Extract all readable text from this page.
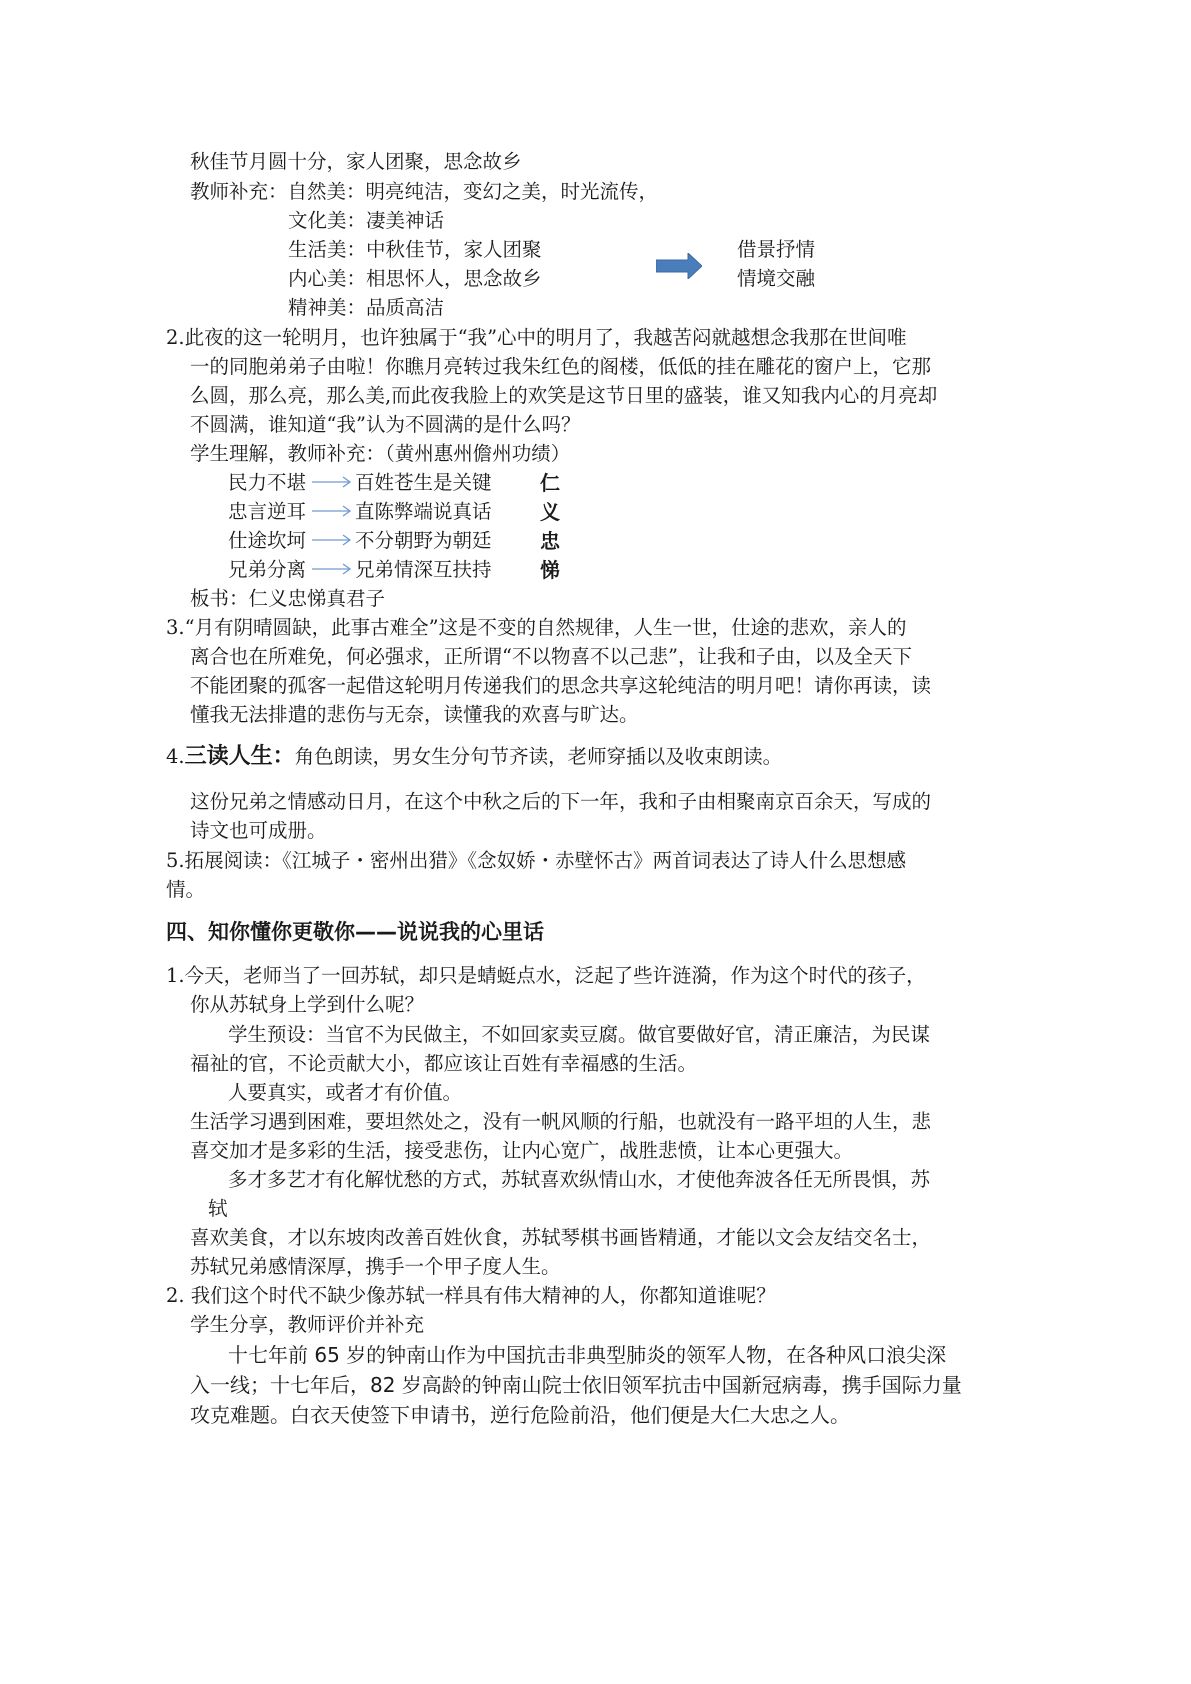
秋佳节月圆十分，家人团聚，思念故乡
教师补充：自然美：明亮纯洁，变幻之美，时光流传，
文化美：凄美神话
生活美：中秋佳节，家人团聚
内心美：相思怀人，思念故乡
精神美：品质高洁
借景抒情
情境交融
2.此夜的这一轮明月，也许独属于“我”心中的明月了，我越苦闷就越想念我那在世间唯
一的同胞弟弟子由啦！你瞧月亮转过我朱红色的阁楼，低低的挂在雕花的窗户上，它那
么圆，那么亮，那么美,而此夜我脸上的欢笑是这节日里的盛装，谁又知我内心的月亮却
不圆满，谁知道“我”认为不圆满的是什么吗？
学生理解，教师补充：（黄州惠州儋州功绩）
民力不堪	百姓苍生是关键 仁
忠言逆耳	直陈弊端说真话 义
仕途坎坷	不分朝野为朝廷 忠
兄弟分离	兄弟情深互扶持 悌
板书：仁义忠悌真君子
3.“月有阴晴圆缺，此事古难全”这是不变的自然规律，人生一世，仕途的悲欢，亲人的
离合也在所难免，何必强求，正所谓“不以物喜不以己悲”，让我和子由，以及全天下
不能团聚的孤客一起借这轮明月传递我们的思念共享这轮纯洁的明月吧！请你再读，读
懂我无法排遣的悲伤与无奈，读懂我的欢喜与旷达。
4.三读人生：角色朗读，男女生分句节齐读，老师穿插以及收束朗读。
这份兄弟之情感动日月，在这个中秋之后的下一年，我和子由相聚南京百余天，写成的
诗文也可成册。
5.拓展阅读：《江城子・密州出猎》《念奴娇・赤壁怀古》两首词表达了诗人什么思想感
情。
四、知你懂你更敬你——说说我的心里话
1.今天，老师当了一回苏轼，却只是蜻蜓点水，泛起了些许涟漪，作为这个时代的孩子，
你从苏轼身上学到什么呢？
学生预设：当官不为民做主，不如回家卖豆腐。做官要做好官，清正廉洁，为民谋
福祉的官，不论贡献大小，都应该让百姓有幸福感的生活。
人要真实，或者才有价值。
生活学习遇到困难，要坦然处之，没有一帆风顺的行船，也就没有一路平坦的人生，悲
喜交加才是多彩的生活，接受悲伤，让内心宽广，战胜悲愤，让本心更强大。
多才多艺才有化解忧愁的方式，苏轼喜欢纵情山水，才使他奔波各任无所畏惧，苏
轼
喜欢美食，才以东坡肉改善百姓伙食，苏轼琴棋书画皆精通，才能以文会友结交名士，
苏轼兄弟感情深厚，携手一个甲子度人生。
2. 我们这个时代不缺少像苏轼一样具有伟大精神的人，你都知道谁呢？
学生分享，教师评价并补充
十七年前 65 岁的钟南山作为中国抗击非典型肺炎的领军人物，在各种风口浪尖深
入一线；十七年后，82 岁高龄的钟南山院士依旧领军抗击中国新冠病毒，携手国际力量
攻克难题。白衣天使签下申请书，逆行危险前沿，他们便是大仁大忠之人。
